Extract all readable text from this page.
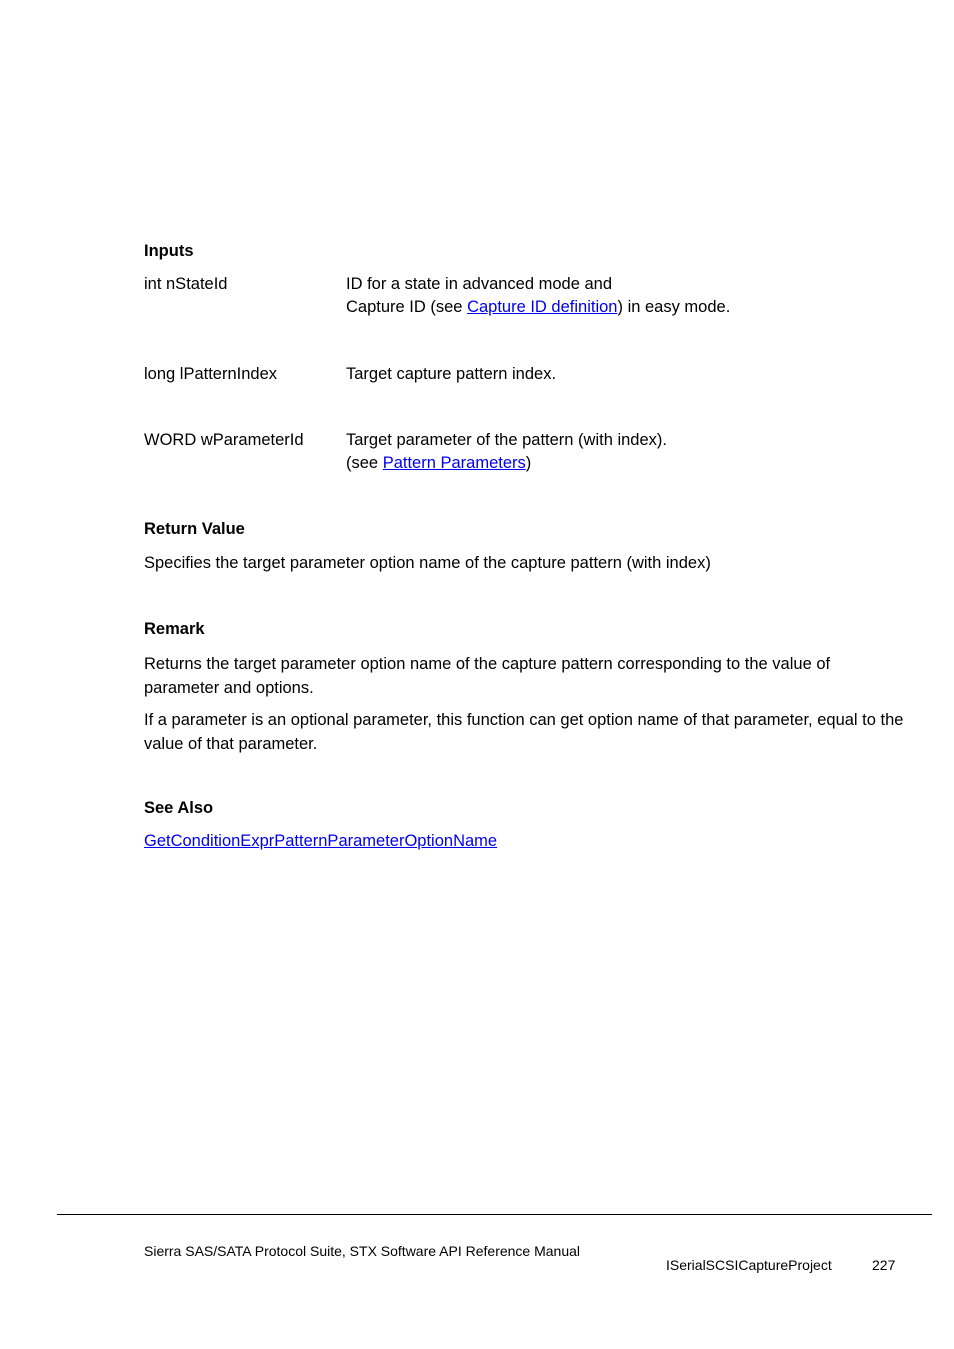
Inputs
int nStateId	ID for a state in advanced mode and
Capture ID (see Capture ID definition) in easy mode.
long lPatternIndex	Target capture pattern index.
WORD wParameterId	Target parameter of the pattern (with index).
(see Pattern Parameters)
Return Value
Specifies the target parameter option name of the capture pattern (with index)
Remark
Returns the target parameter option name of the capture pattern corresponding to the value of parameter and options.
If a parameter is an optional parameter, this function can get option name of that parameter, equal to the value of that parameter.
See Also
GetConditionExprPatternParameterOptionName
Sierra SAS/SATA Protocol Suite, STX Software API Reference Manual
ISerialSCSICaptureProject	227
